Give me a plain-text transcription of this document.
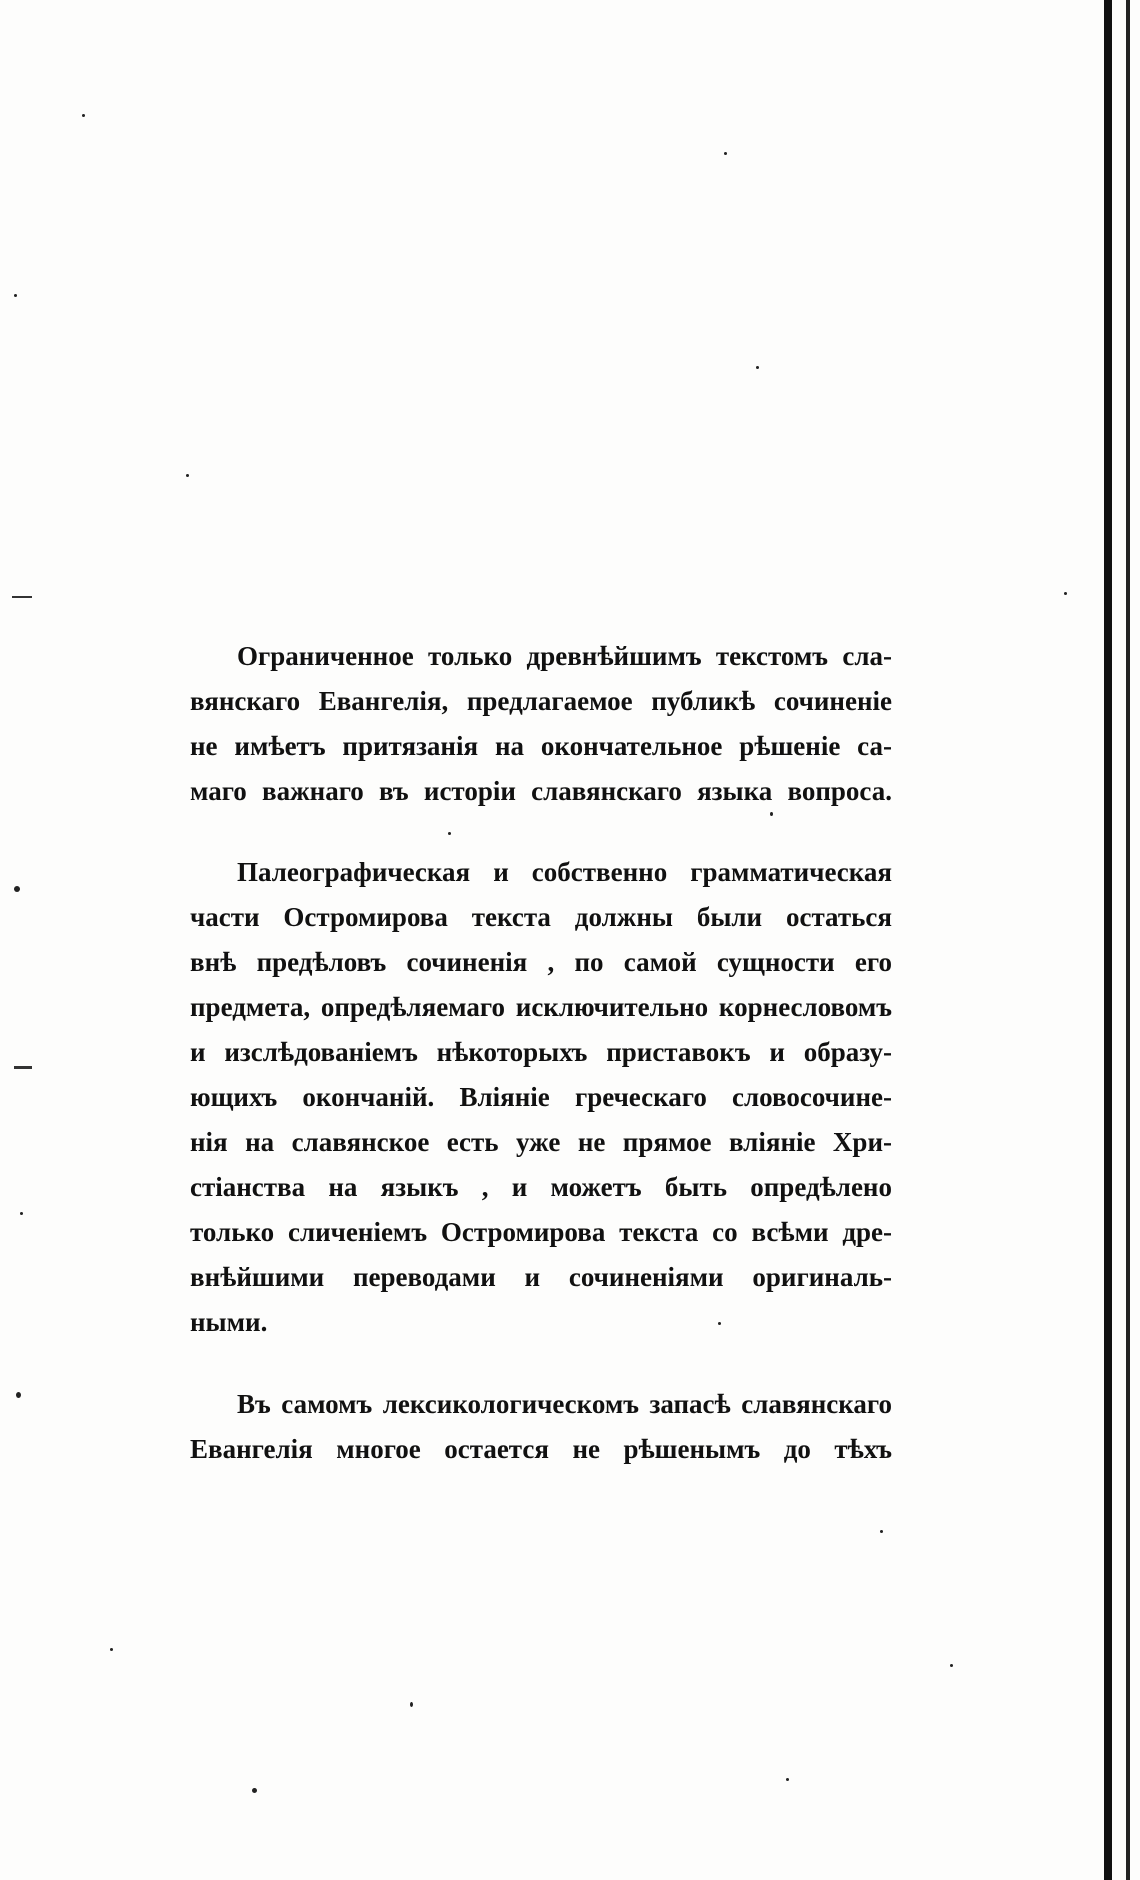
Ограниченное только древнѣйшимъ текстомъ сла-
вянскаго Евангелія, предлагаемое публикѣ сочиненіе
не имѣетъ притязанія на окончательное рѣшеніе са-
маго важнаго въ исторіи славянскаго языка вопроса.
Палеографическая и собственно грамматическая
части Остромирова текста должны были остаться
внѣ предѣловъ сочиненія , по самой сущности его
предмета, опредѣляемаго исключительно корнесловомъ
и изслѣдованіемъ нѣкоторыхъ приставокъ и образу-
ющихъ окончаній. Вліяніе греческаго словосочине-
нія на славянское есть уже не прямое вліяніе Хри-
стіанства на языкъ , и можетъ быть опредѣлено
только сличеніемъ Остромирова текста со всѣми дре-
внѣйшими переводами и сочиненіями оригиналь-
ными.
Въ самомъ лексикологическомъ запасѣ славянскаго
Евангелія многое остается не рѣшенымъ до тѣхъ
